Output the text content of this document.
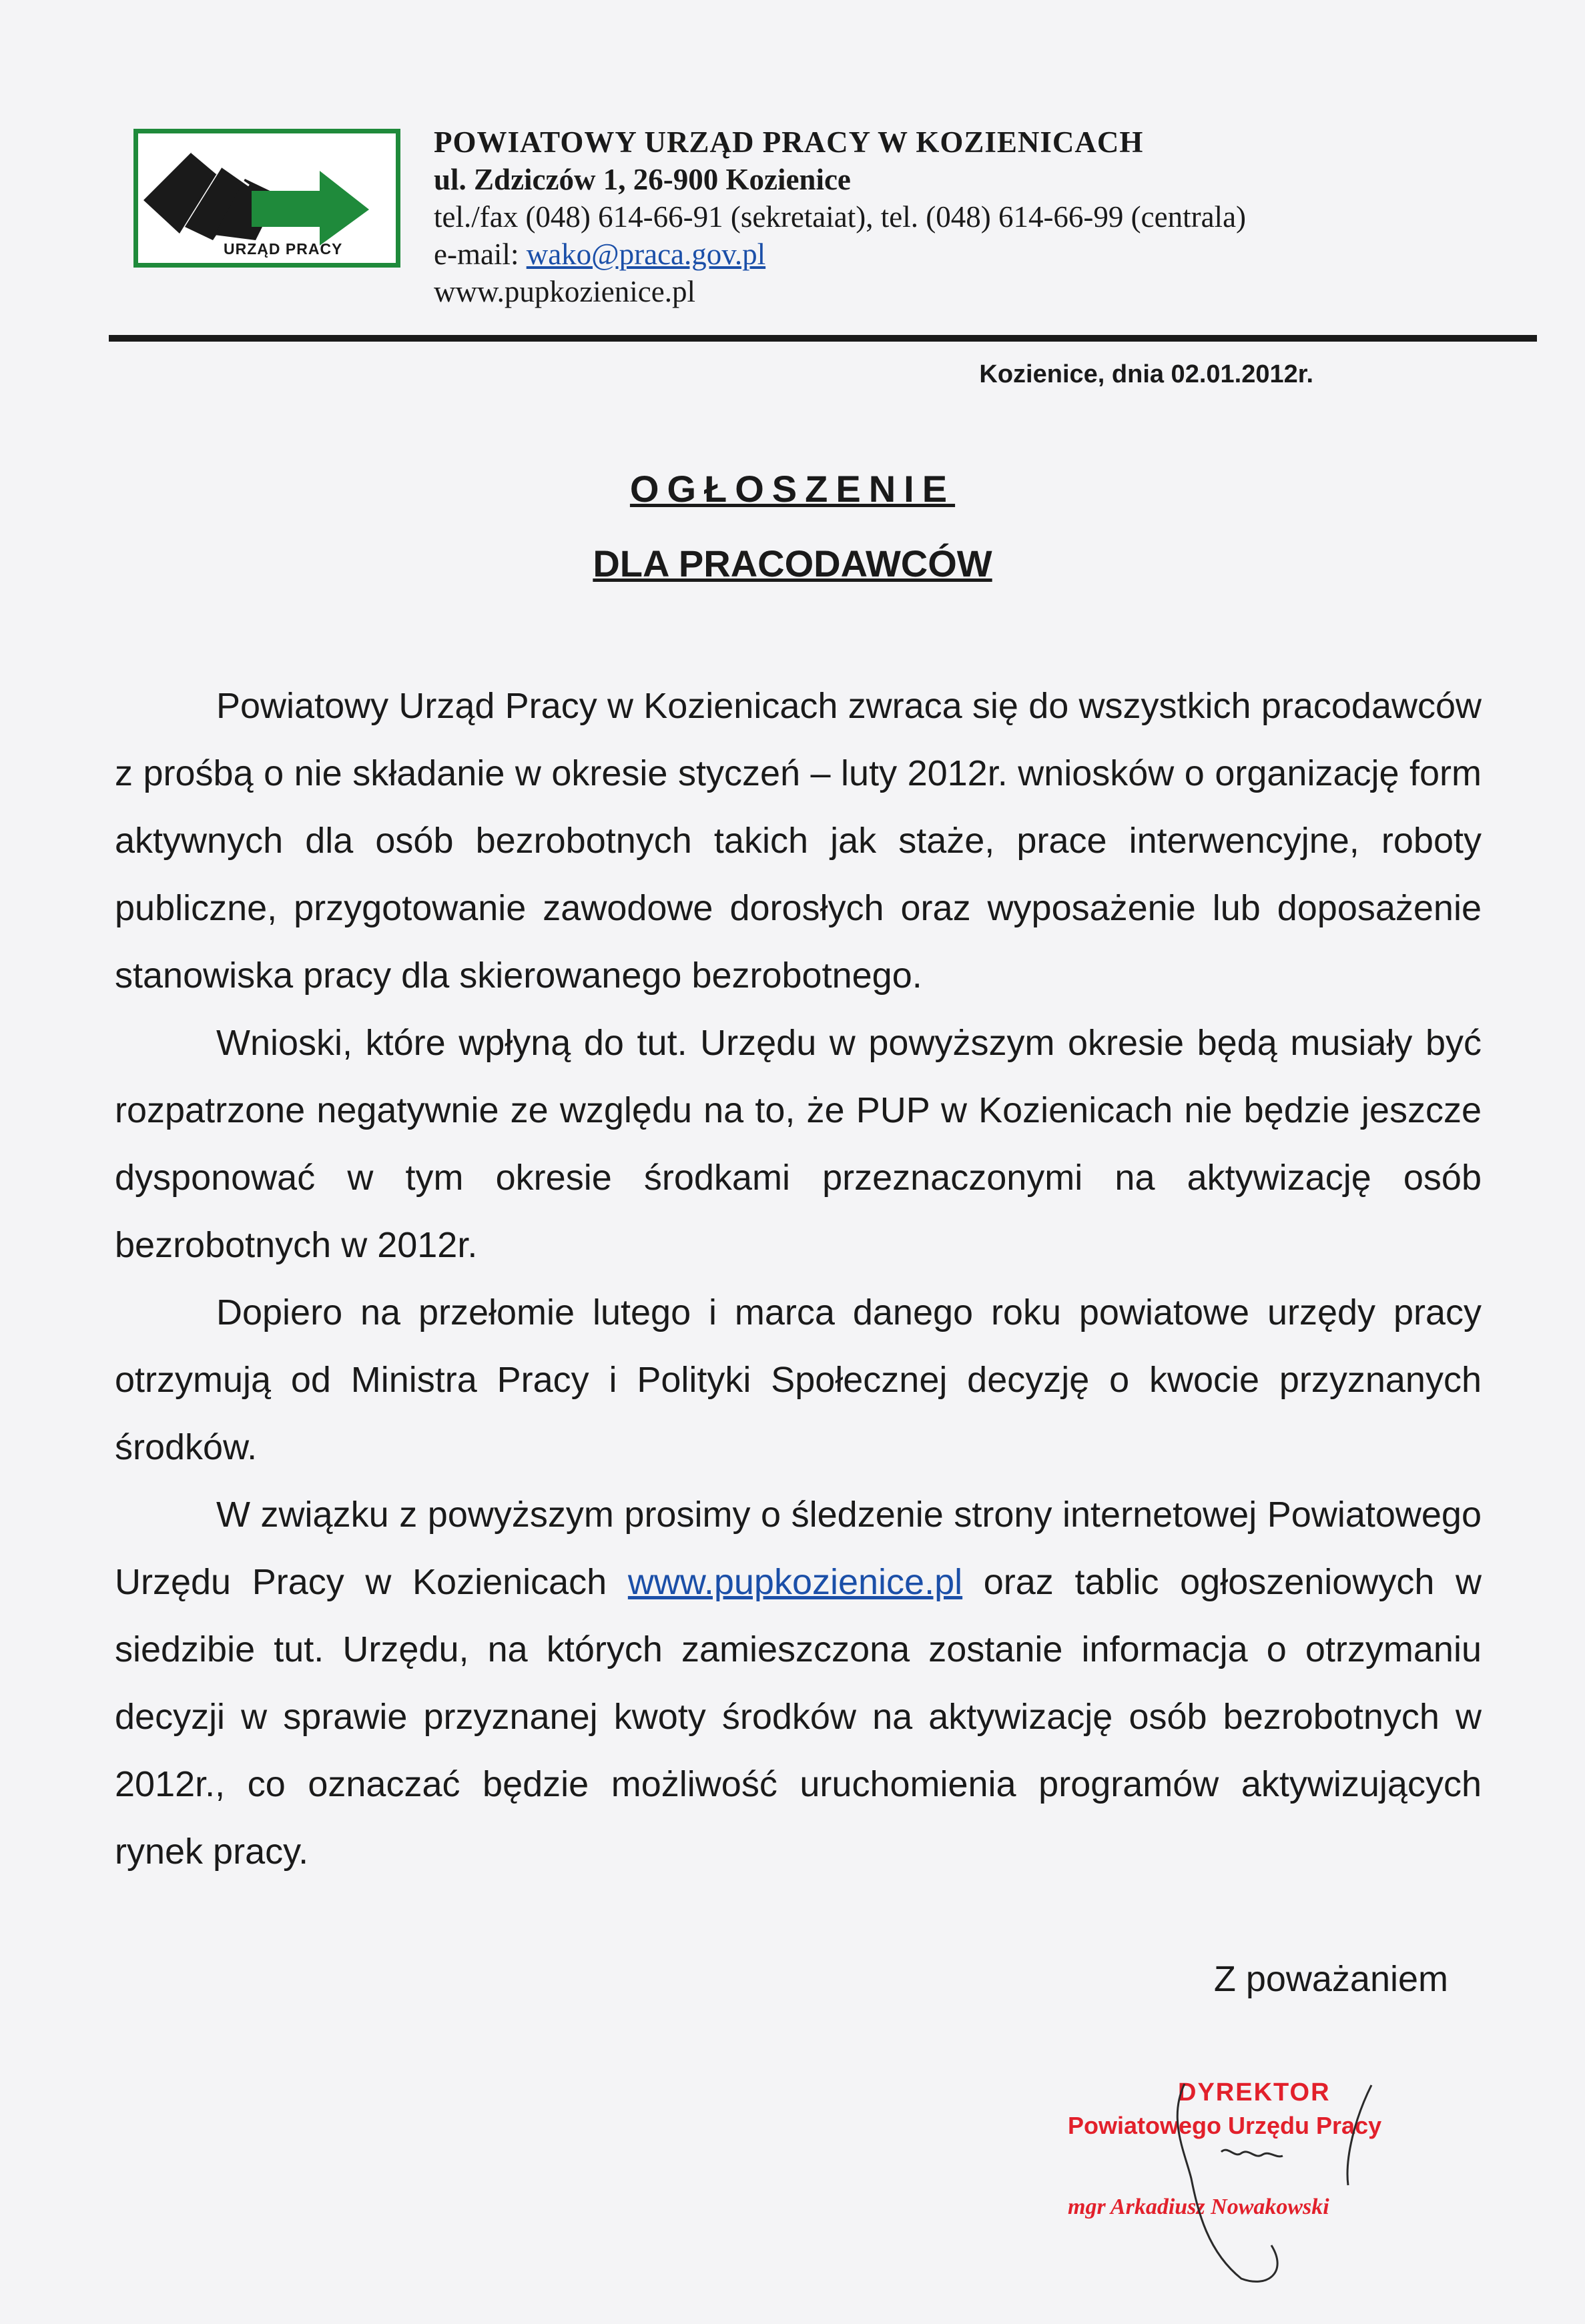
URZĄD PRACY
POWIATOWY URZĄD PRACY W KOZIENICACH
ul. Zdziczów 1, 26-900 Kozienice
tel./fax (048) 614-66-91 (sekretaiat), tel. (048) 614-66-99 (centrala)
e-mail: wako@praca.gov.pl
www.pupkozienice.pl
Kozienice, dnia 02.01.2012r.
OGŁOSZENIE
DLA PRACODAWCÓW

Powiatowy Urząd Pracy w Kozienicach zwraca się do wszystkich pracodawców z prośbą o nie składanie w okresie styczeń – luty 2012r. wniosków o organizację form aktywnych dla osób bezrobotnych takich jak staże, prace interwencyjne, roboty publiczne, przygotowanie zawodowe dorosłych oraz wyposażenie lub doposażenie stanowiska pracy dla skierowanego bezrobotnego.

Wnioski, które wpłyną do tut. Urzędu w powyższym okresie będą musiały być rozpatrzone negatywnie ze względu na to, że PUP w Kozienicach nie będzie jeszcze dysponować w tym okresie środkami przeznaczonymi na aktywizację osób bezrobotnych w 2012r.

Dopiero na przełomie lutego i marca danego roku powiatowe urzędy pracy otrzymują od Ministra Pracy i Polityki Społecznej decyzję o kwocie przyznanych środków.

W związku z powyższym prosimy o śledzenie strony internetowej Powiatowego Urzędu Pracy w Kozienicach www.pupkozienice.pl oraz tablic ogłoszeniowych w siedzibie tut. Urzędu, na których zamieszczona zostanie informacja o otrzymaniu decyzji w sprawie przyznanej kwoty środków na aktywizację osób bezrobotnych w 2012r., co oznaczać będzie możliwość uruchomienia programów aktywizujących rynek pracy.

Z poważaniem
DYREKTOR
Powiatowego Urzędu Pracy
mgr Arkadiusz Nowakowski
